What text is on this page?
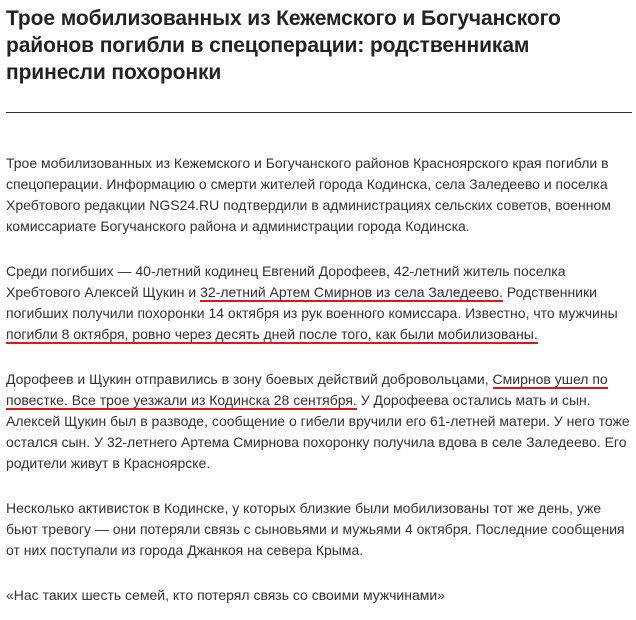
Трое мобилизованных из Кежемского и Богучанского районов погибли в спецоперации: родственникам принесли похоронки

Трое мобилизованных из Кежемского и Богучанского районов Красноярского края погибли в спецоперации. Информацию о смерти жителей города Кодинска, села Заледеево и поселка Хребтового редакции NGS24.RU подтвердили в администрациях сельских советов, военном комиссариате Богучанского района и администрации города Кодинска.

Среди погибших — 40-летний кодинец Евгений Дорофеев, 42-летний житель поселка Хребтового Алексей Щукин и 32-летний Артем Смирнов из села Заледеево. Родственники погибших получили похоронки 14 октября из рук военного комиссара. Известно, что мужчины погибли 8 октября, ровно через десять дней после того, как были мобилизованы.

Дорофеев и Щукин отправились в зону боевых действий добровольцами, Смирнов ушел по повестке. Все трое уезжали из Кодинска 28 сентября. У Дорофеева остались мать и сын. Алексей Щукин был в разводе, сообщение о гибели вручили его 61-летней матери. У него тоже остался сын. У 32-летнего Артема Смирнова похоронку получила вдова в селе Заледеево. Его родители живут в Красноярске.

Несколько активисток в Кодинске, у которых близкие были мобилизованы тот же день, уже бьют тревогу — они потеряли связь с сыновьями и мужьями 4 октября. Последние сообщения от них поступали из города Джанкоя на севера Крыма.

«Нас таких шесть семей, кто потерял связь со своими мужчинами»
